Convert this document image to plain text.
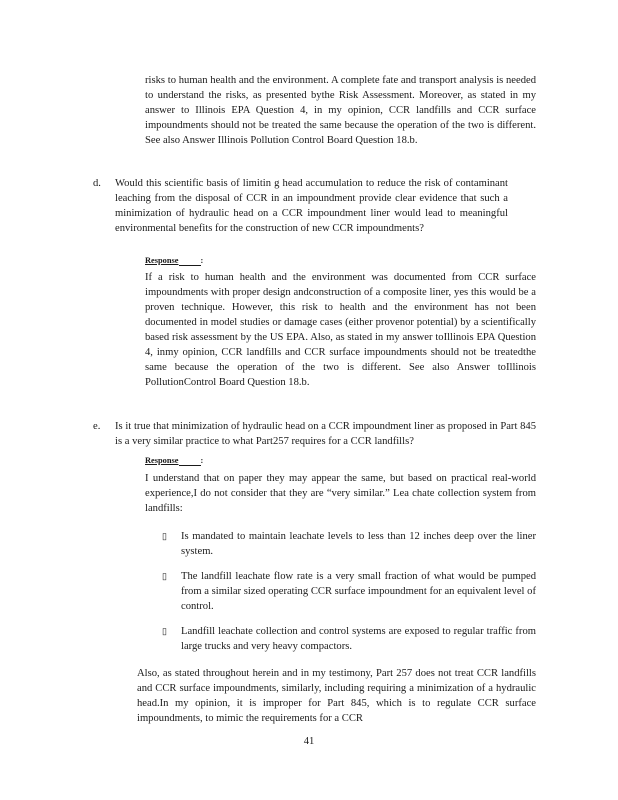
risks to human health and the environment. A complete fate and transport analysis is needed to understand the risks, as presented bythe Risk Assessment. Moreover, as stated in my answer to Illinois EPA Question 4, in my opinion, CCR landfills and CCR surface impoundments should not be treated the same because the operation of the two is different. See also Answer Illinois Pollution Control Board Question 18.b.

d. Would this scientific basis of limitin g head accumulation to reduce the risk of contaminant leaching from the disposal of CCR in an impoundment provide clear evidence that such a minimization of hydraulic head on a CCR impoundment liner would lead to meaningful environmental benefits for the construction of new CCR impoundments?

Response	:

If a risk to human health and the environment was documented from CCR surface impoundments with proper design andconstruction of a composite liner, yes this would be a proven technique. However, this risk to health and the environment has not been documented in model studies or damage cases (either provenor potential) by a scientifically based risk assessment by the US EPA. Also, as stated in my answer toIllinois EPA Question 4, inmy opinion, CCR landfills and CCR surface impoundments should not be treatedthe same because the operation of the two is different. See also Answer toIllinois PollutionControl Board Question 18.b.

e. Is it true that minimization of hydraulic head on a CCR impoundment liner as proposed in Part 845 is a very similar practice to what Part257 requires for a CCR landfills?

Response	:

I understand that on paper they may appear the same, but based on practical real-world experience,I do not consider that they are “very similar.” Lea chate collection system from landfills:

▯ Is mandated to maintain leachate levels to less than 12 inches deep over the liner system.

▯ The landfill leachate flow rate is a very small fraction of what would be pumped from a similar sized operating CCR surface impoundment for an equivalent level of control.

▯ Landfill leachate collection and control systems are exposed to regular traffic from large trucks and very heavy compactors.

Also, as stated throughout herein and in my testimony, Part 257 does not treat CCR landfills and CCR surface impoundments, similarly, including requiring a minimization of a hydraulic head.In my opinion, it is improper for Part 845, which is to regulate CCR surface impoundments, to mimic the requirements for a CCR

41
